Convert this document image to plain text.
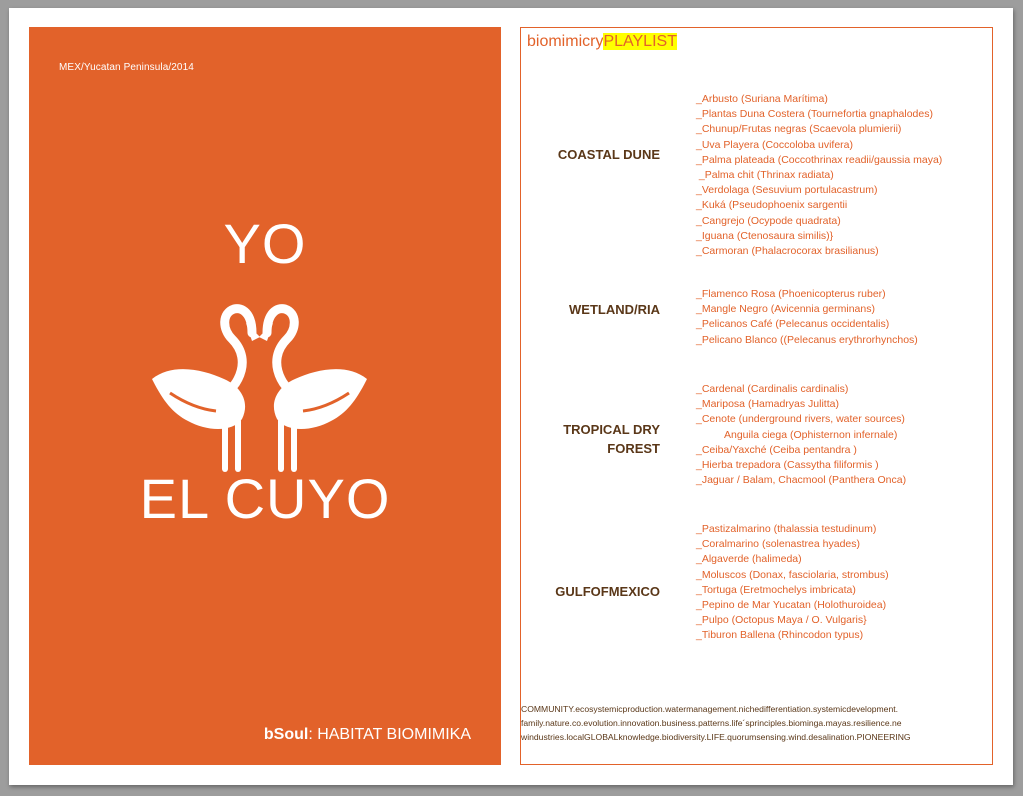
MEX/Yucatan Peninsula/2014
YO
EL CUYO
bSoul: HABITAT BIOMIMIKA
biomimicryPLAYLIST
COASTAL DUNE
_Arbusto (Suriana Marítima)
_Plantas Duna Costera (Tournefortia gnaphalodes)
_Chunup/Frutas negras (Scaevola plumierii)
_Uva Playera (Coccoloba uvifera)
_Palma plateada (Coccothrinax readii/gaussia maya)
_Palma chit (Thrinax radiata)
_Verdolaga (Sesuvium portulacastrum)
_Kuká (Pseudophoenix sargentii
_Cangrejo (Ocypode quadrata)
_Iguana (Ctenosaura similis)}
_Carmoran (Phalacrocorax brasilianus)
WETLAND/RIA
_Flamenco Rosa (Phoenicopterus ruber)
_Mangle Negro (Avicennia germinans)
_Pelicanos Café (Pelecanus occidentalis)
_Pelicano Blanco ((Pelecanus erythrorhynchos)
TROPICAL DRY
FOREST
_Cardenal (Cardinalis cardinalis)
_Mariposa (Hamadryas Julitta)
_Cenote (underground rivers, water sources)
Anguila ciega (Ophisternon infernale)
_Ceiba/Yaxché (Ceiba pentandra )
_Hierba trepadora (Cassytha filiformis )
_Jaguar / Balam, Chacmool (Panthera Onca)
GULFOFMEXICO
_Pastizalmarino (thalassia testudinum)
_Coralmarino (solenastrea hyades)
_Algaverde (halimeda)
_Moluscos (Donax, fasciolaria, strombus)
_Tortuga (Eretmochelys imbricata)
_Pepino de Mar Yucatan (Holothuroidea)
_Pulpo (Octopus Maya / O. Vulgaris}
_Tiburon Ballena (Rhincodon typus)
COMMUNITY.ecosystemicproduction.watermanagement.nichedifferentiation.systemicdevelopment.
family.nature.co.evolution.innovation.business.patterns.life´sprinciples.biominga.mayas.resilience.ne
windustries.localGLOBALknowledge.biodiversity.LIFE.quorumsensing.wind.desalination.PIONEERING
